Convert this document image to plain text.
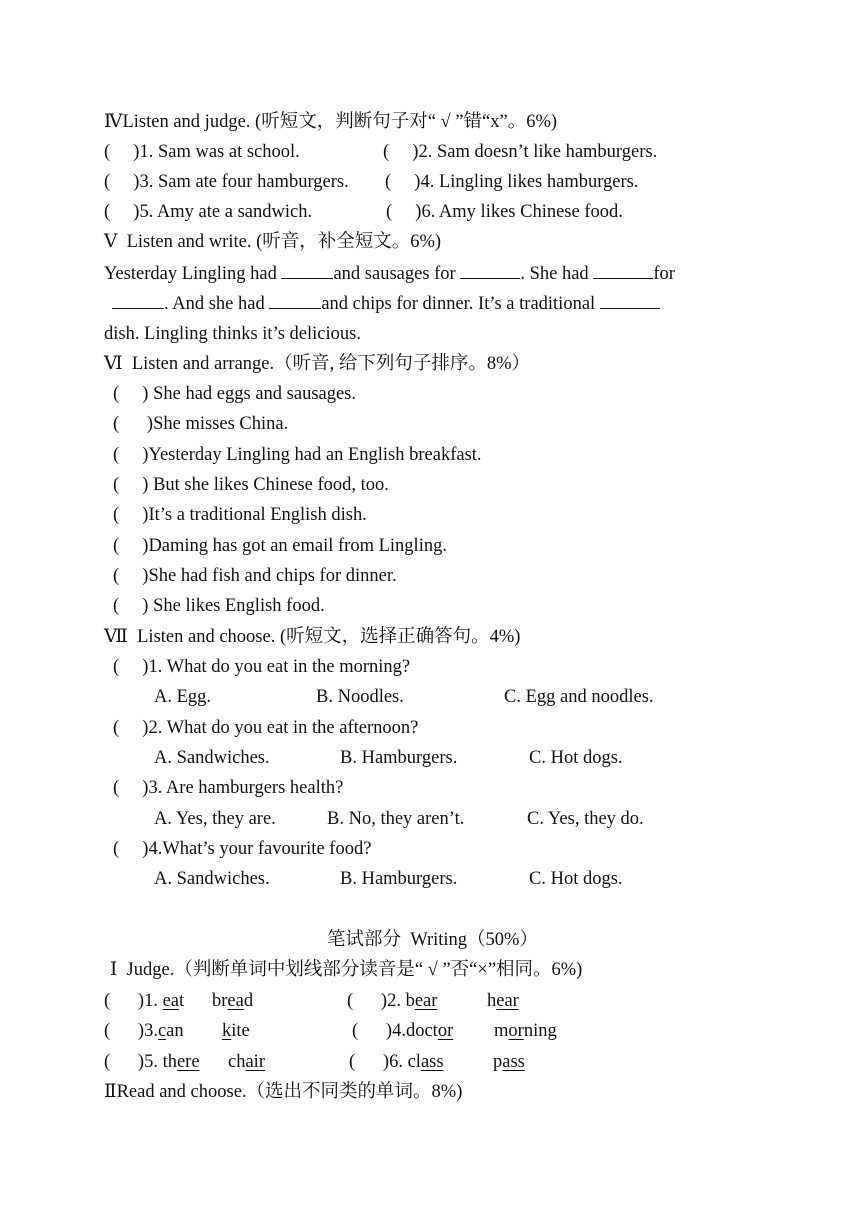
ⅣListen and judge. (听短文，判断句子对“ √ ”错“x”。6%)
(     )1. Sam was at school.	(     )2. Sam doesn’t like hamburgers.
(     )3. Sam ate four hamburgers. (     )4. Lingling likes hamburgers.
(     )5. Amy ate a sandwich.	(     )6. Amy likes Chinese food.
Ⅴ  Listen and write. (听音，补全短文。6%)
Yesterday Lingling had	and sausages for	. She had	for
. And she had	and chips for dinner. It’s a traditional
dish. Lingling thinks it’s delicious.
Ⅵ  Listen and arrange.（听音, 给下列句子排序。8%）
(     ) She had eggs and sausages.
(      )She misses China.
(     )Yesterday Lingling had an English breakfast.
(     ) But she likes Chinese food, too.
(     )It’s a traditional English dish.
(     )Daming has got an email from Lingling.
(     )She had fish and chips for dinner.
(     ) She likes English food.
Ⅶ  Listen and choose. (听短文，选择正确答句。4%)
(     )1. What do you eat in the morning?
A. Egg.	B. Noodles.	C. Egg and noodles.
(     )2. What do you eat in the afternoon?
A. Sandwiches.	B. Hamburgers.	C. Hot dogs.
(     )3. Are hamburgers health?
A. Yes, they are.	B. No, they aren’t.	C. Yes, they do.
(     )4.What’s your favourite food?
A. Sandwiches.	B. Hamburgers.	C. Hot dogs.
笔试部分  Writing（50%）
Ⅰ  Judge.（判断单词中划线部分读音是“ √ ”否“×”相同。6%)
(      )1. eat bread	(      )2. bear	hear
(      )3.can kite	(      )4.doctor morning
(      )5. there chair	(      )6. class	pass
ⅡRead and choose.（选出不同类的单词。8%)
